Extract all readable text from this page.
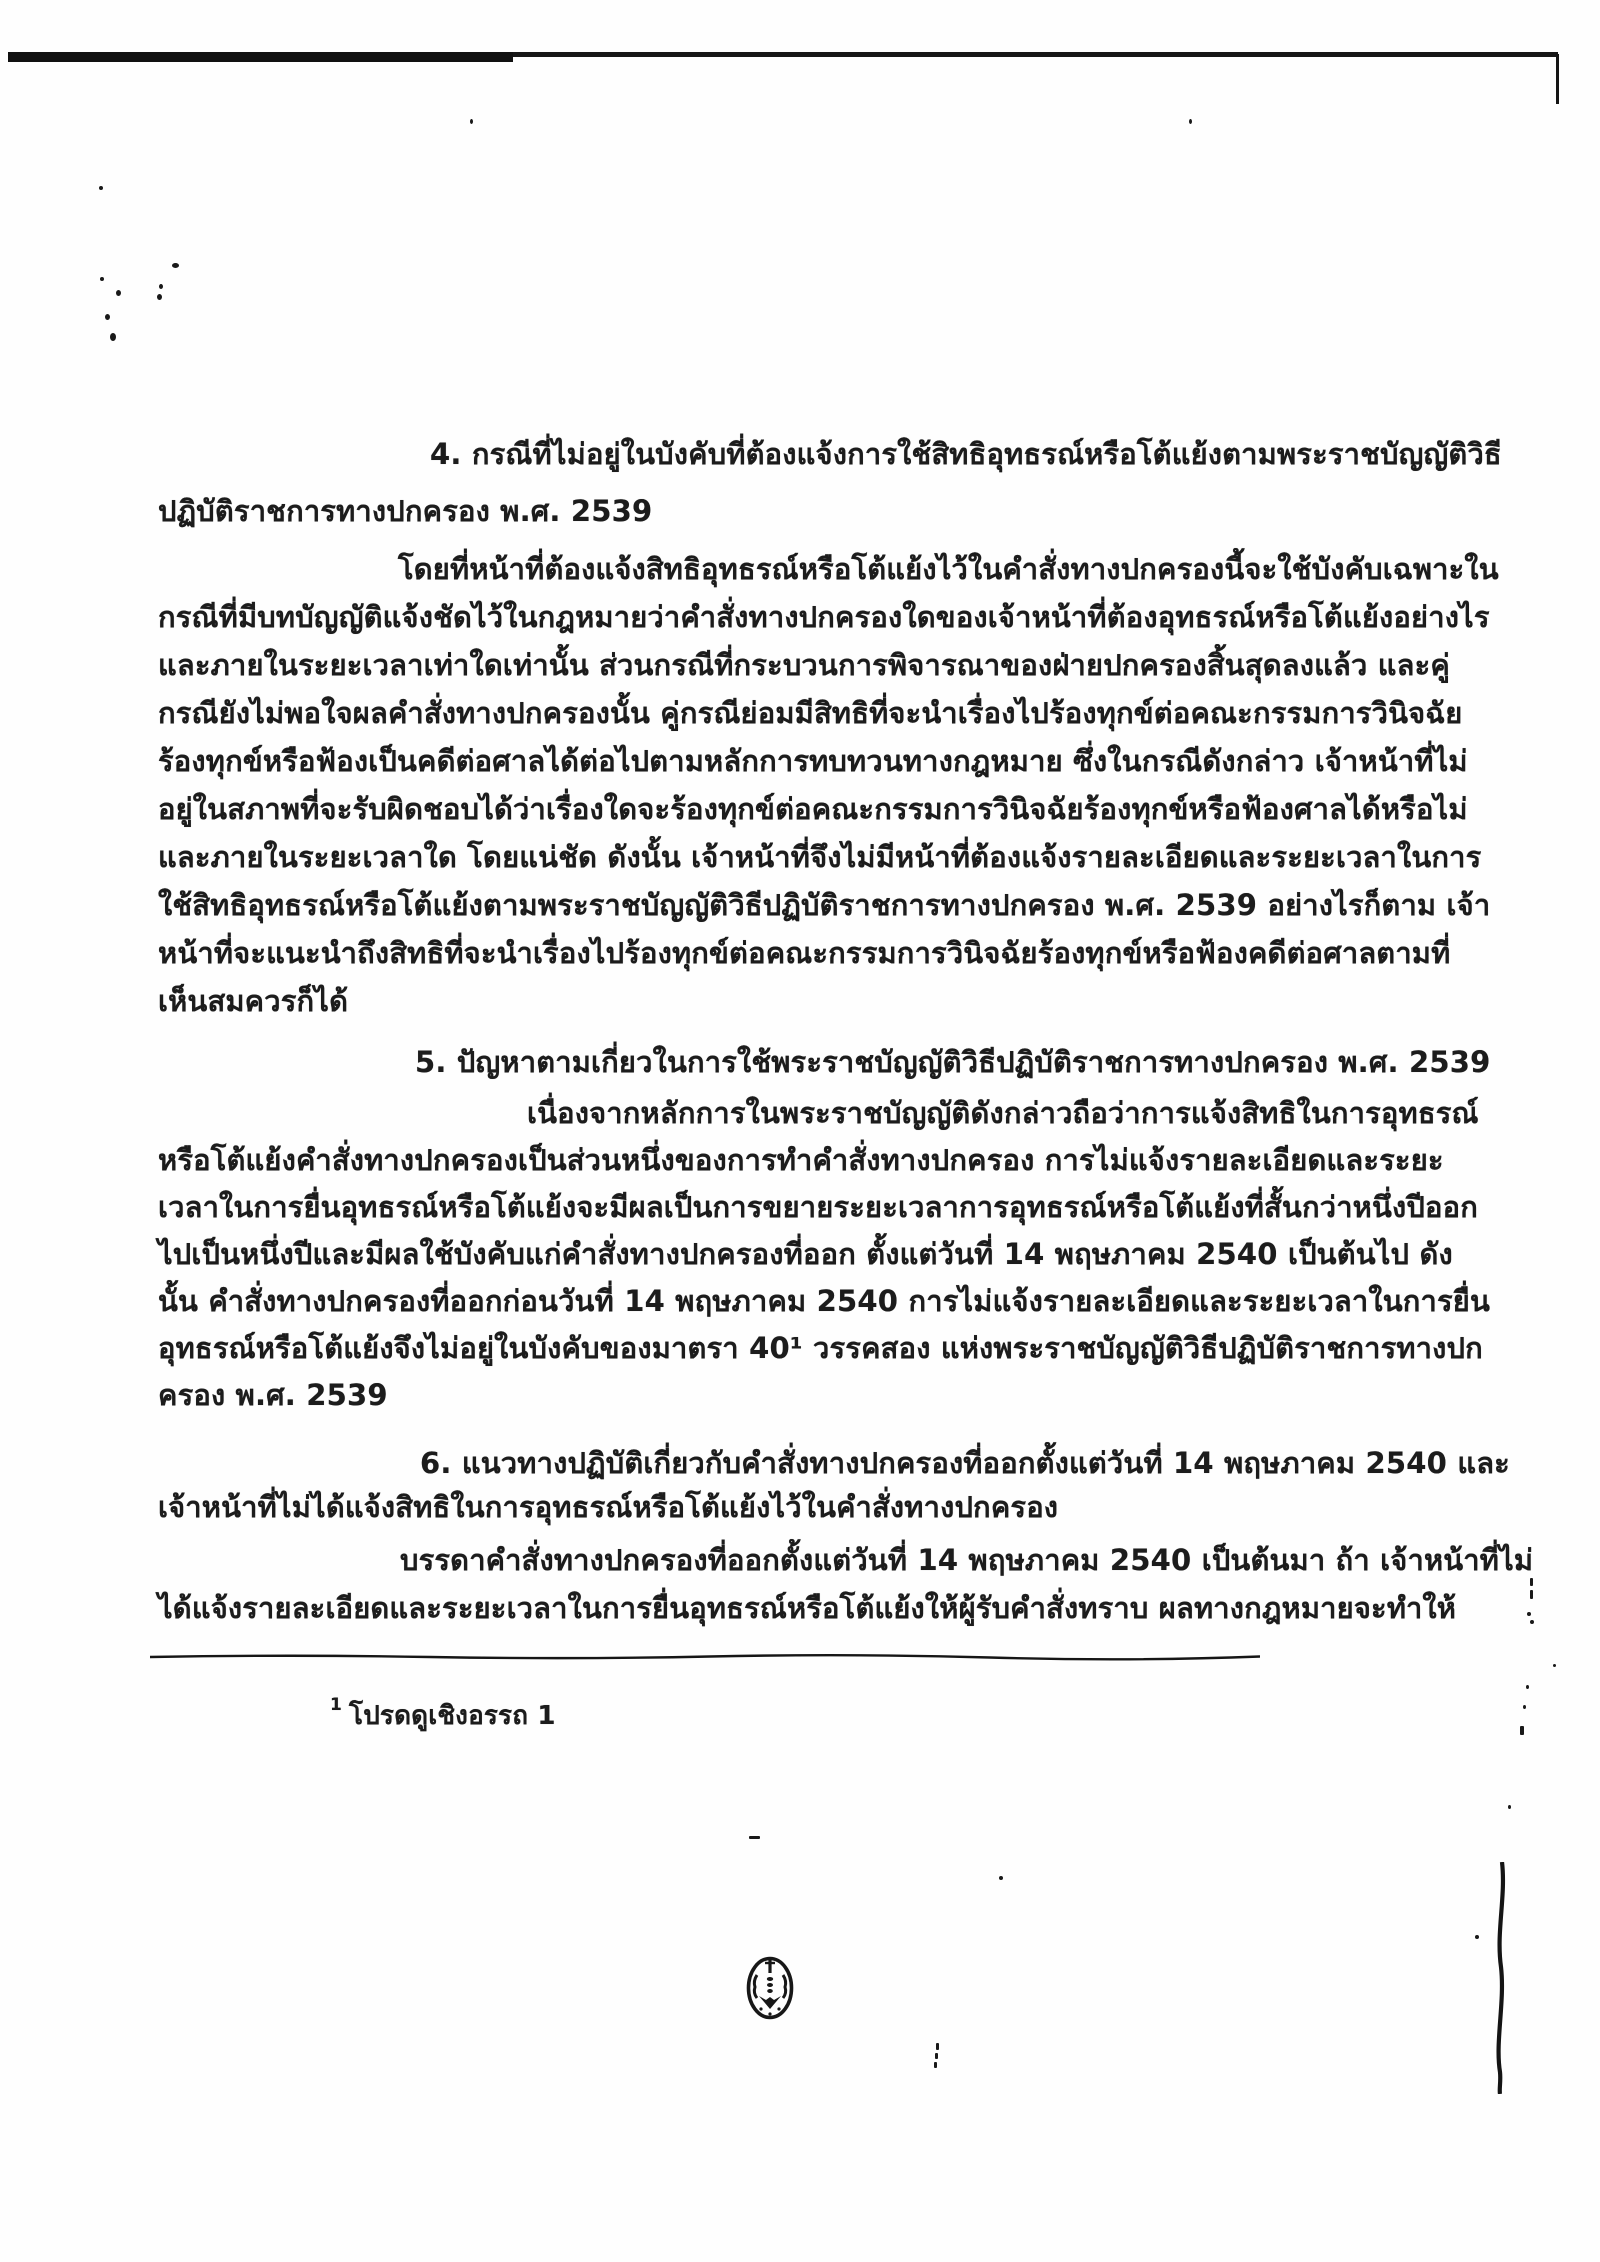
4. กรณีที่ไม่อยู่ในบังคับที่ต้องแจ้งการใช้สิทธิอุทธรณ์หรือโต้แย้งตามพระราชบัญญัติวิธี
ปฏิบัติราชการทางปกครอง พ.ศ. 2539
โดยที่หน้าที่ต้องแจ้งสิทธิอุทธรณ์หรือโต้แย้งไว้ในคำสั่งทางปกครองนี้จะใช้บังคับเฉพาะใน
กรณีที่มีบทบัญญัติแจ้งชัดไว้ในกฎหมายว่าคำสั่งทางปกครองใดของเจ้าหน้าที่ต้องอุทธรณ์หรือโต้แย้งอย่างไร
และภายในระยะเวลาเท่าใดเท่านั้น ส่วนกรณีที่กระบวนการพิจารณาของฝ่ายปกครองสิ้นสุดลงแล้ว และคู่
กรณียังไม่พอใจผลคำสั่งทางปกครองนั้น คู่กรณีย่อมมีสิทธิที่จะนำเรื่องไปร้องทุกข์ต่อคณะกรรมการวินิจฉัย
ร้องทุกข์หรือฟ้องเป็นคดีต่อศาลได้ต่อไปตามหลักการทบทวนทางกฎหมาย ซึ่งในกรณีดังกล่าว เจ้าหน้าที่ไม่
อยู่ในสภาพที่จะรับผิดชอบได้ว่าเรื่องใดจะร้องทุกข์ต่อคณะกรรมการวินิจฉัยร้องทุกข์หรือฟ้องศาลได้หรือไม่
และภายในระยะเวลาใด โดยแน่ชัด ดังนั้น เจ้าหน้าที่จึงไม่มีหน้าที่ต้องแจ้งรายละเอียดและระยะเวลาในการ
ใช้สิทธิอุทธรณ์หรือโต้แย้งตามพระราชบัญญัติวิธีปฏิบัติราชการทางปกครอง พ.ศ. 2539 อย่างไรก็ตาม เจ้า
หน้าที่จะแนะนำถึงสิทธิที่จะนำเรื่องไปร้องทุกข์ต่อคณะกรรมการวินิจฉัยร้องทุกข์หรือฟ้องคดีต่อศาลตามที่
เห็นสมควรก็ได้
5. ปัญหาตามเกี่ยวในการใช้พระราชบัญญัติวิธีปฏิบัติราชการทางปกครอง พ.ศ. 2539
เนื่องจากหลักการในพระราชบัญญัติดังกล่าวถือว่าการแจ้งสิทธิในการอุทธรณ์
หรือโต้แย้งคำสั่งทางปกครองเป็นส่วนหนึ่งของการทำคำสั่งทางปกครอง การไม่แจ้งรายละเอียดและระยะ
เวลาในการยื่นอุทธรณ์หรือโต้แย้งจะมีผลเป็นการขยายระยะเวลาการอุทธรณ์หรือโต้แย้งที่สั้นกว่าหนึ่งปีออก
ไปเป็นหนึ่งปีและมีผลใช้บังคับแก่คำสั่งทางปกครองที่ออก ตั้งแต่วันที่ 14 พฤษภาคม 2540 เป็นต้นไป ดัง
นั้น คำสั่งทางปกครองที่ออกก่อนวันที่ 14 พฤษภาคม 2540 การไม่แจ้งรายละเอียดและระยะเวลาในการยื่น
อุทธรณ์หรือโต้แย้งจึงไม่อยู่ในบังคับของมาตรา 40¹ วรรคสอง แห่งพระราชบัญญัติวิธีปฏิบัติราชการทางปก
ครอง พ.ศ. 2539
6. แนวทางปฏิบัติเกี่ยวกับคำสั่งทางปกครองที่ออกตั้งแต่วันที่ 14 พฤษภาคม 2540 และ
เจ้าหน้าที่ไม่ได้แจ้งสิทธิในการอุทธรณ์หรือโต้แย้งไว้ในคำสั่งทางปกครอง
บรรดาคำสั่งทางปกครองที่ออกตั้งแต่วันที่ 14 พฤษภาคม 2540 เป็นต้นมา ถ้า เจ้าหน้าที่ไม่
ได้แจ้งรายละเอียดและระยะเวลาในการยื่นอุทธรณ์หรือโต้แย้งให้ผู้รับคำสั่งทราบ ผลทางกฎหมายจะทำให้
$^1$ โปรดดูเชิงอรรถ 1
